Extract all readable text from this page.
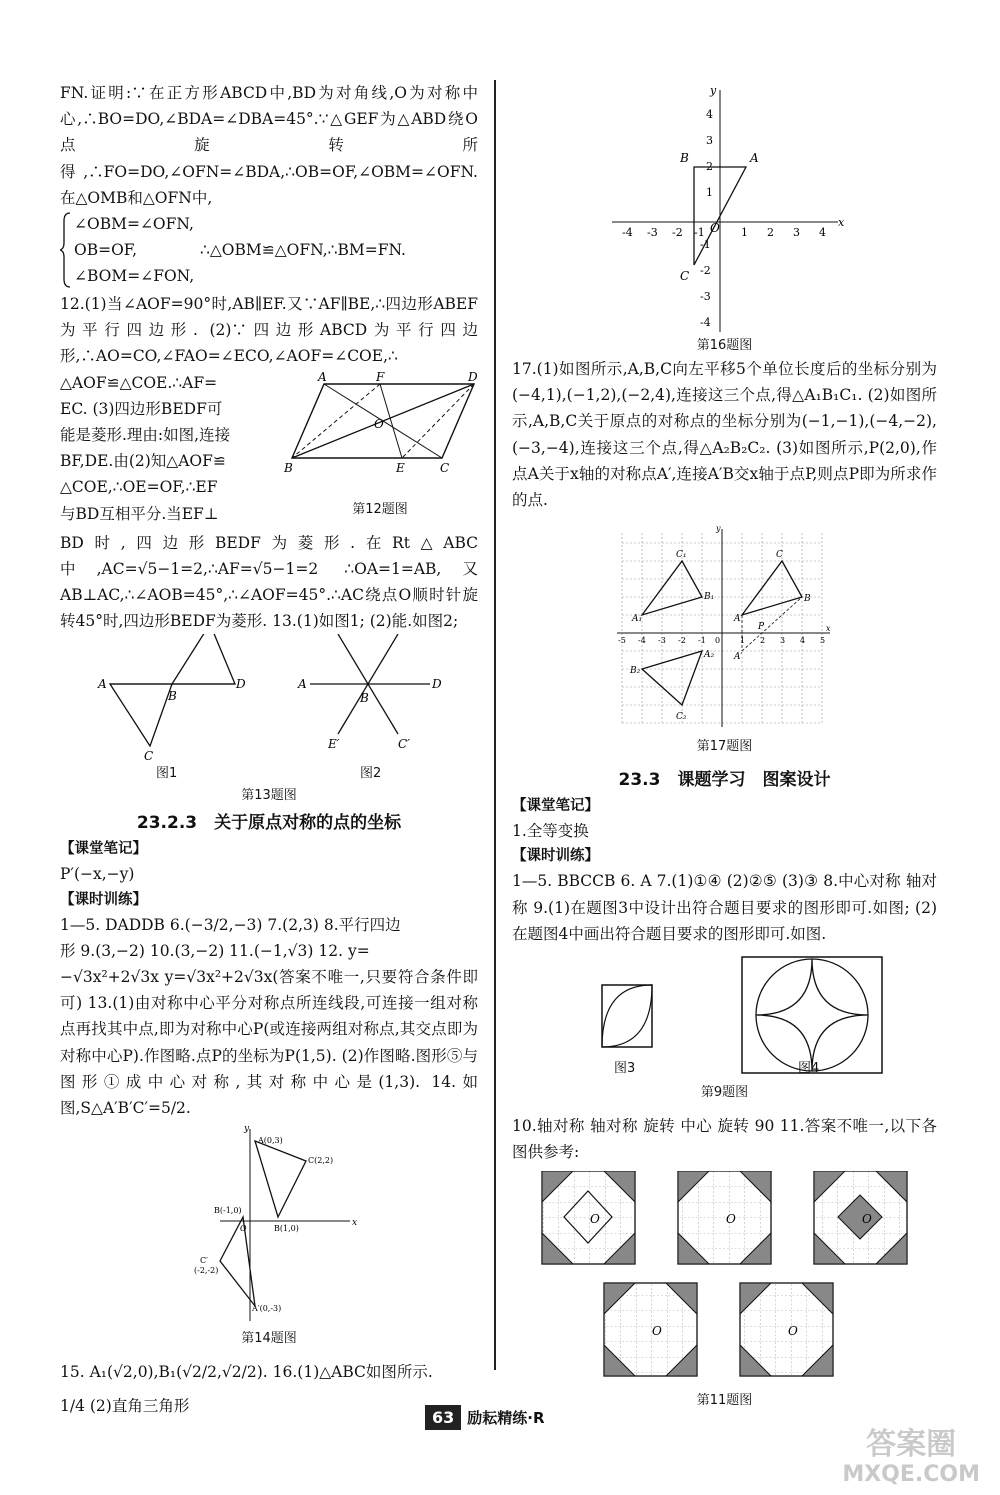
FN.证明:∵在正方形ABCD中,BD为对角线,O为对称中心,∴BO=DO,∠BDA=∠DBA=45°.∵△GEF为△ABD绕O点旋转所得,∴FO=DO,∠OFN=∠BDA,∴OB=OF,∠OBM=∠OFN.在△OMB和△OFN中,

∠OBM=∠OFN,
OB=OF,	∴△OBM≌△OFN,∴BM=FN.
∠BOM=∠FON,

12.(1)当∠AOF=90°时,AB∥EF.又∵AF∥BE,∴四边形ABEF为平行四边形. (2)∵四边形ABCD为平行四边形,∴AO=CO,∠FAO=∠ECO,∠AOF=∠COE,∴

△AOF≌△COE.∴AF=
EC. (3)四边形BEDF可
能是菱形.理由:如图,连接
BF,DE.由(2)知△AOF≌
△COE,∴OE=OF,∴EF
与BD互相平分.当EF⊥
A	F	D
B	E	C
O
第12题图

BD时,四边形BEDF为菱形.在Rt△ABC中,AC=√5−1=2,∴AF=√5−1=2 ∴OA=1=AB,又AB⊥AC,∴∠AOB=45°,∴∠AOF=45°.∴AC绕点O顺时针旋转45°时,四边形BEDF为菱形. 13.(1)如图1; (2)能.如图2;

A	D
B
C
A	D
B
E′	C′
图1	图2
第13题图
23.2.3　关于原点对称的点的坐标
【课堂笔记】
P′(−x,−y)
【课时训练】

1—5. DADDB 6.(−3/2,−3) 7.(2,3) 8.平行四边

形 9.(3,−2) 10.(3,−2) 11.(−1,√3) 12. y=

−√3x²+2√3x y=√3x²+2√3x(答案不唯一,只要符合条件即可) 13.(1)由对称中心平分对称点所连线段,可连接一组对称点再找其中点,即为对称中心P(或连接两组对称点,其交点即为对称中心P).作图略.点P的坐标为P(1,5). (2)作图略.图形⑤与图形①成中心对称,其对称中心是(1,3). 14.如图,S△A′B′C′=5/2.

x
y
A(0,3)
C(2,2)
B(-1,0)
O	B(1,0)
C′
(-2,-2)
A′(0,-3)
第14题图

15. A₁(√2,0),B₁(√2/2,√2/2). 16.(1)△ABC如图所示.

1/4 (2)直角三角形

x
y
-4 -3 -2 -1	1 2 3 4
4
3
2
1
-1
-2
-3
-4
B	A
C
O
第16题图

17.(1)如图所示,A,B,C向左平移5个单位长度后的坐标分别为(−4,1),(−1,2),(−2,4),连接这三个点,得△A₁B₁C₁. (2)如图所示,A,B,C关于原点的对称点的坐标分别为(−1,−1),(−4,−2),(−3,−4),连接这三个点,得△A₂B₂C₂. (3)如图所示,P(2,0),作点A关于x轴的对称点A′,连接A′B交x轴于点P,则点P即为所求作的点.

-5 -4 -3 -2 -1 0 1 2 3 4 5
x
y
A₁
C₁
B₁
A
C
B
P
A′
B₂
A₂
C₂
第17题图
23.3　课题学习　图案设计
【课堂笔记】
1.全等变换
【课时训练】

1—5. BBCCB 6. A 7.(1)①④ (2)②⑤ (3)③ 8.中心对称 轴对称 9.(1)在题图3中设计出符合题目要求的图形即可.如图; (2)在题图4中画出符合题目要求的图形即可.如图.

图3	图4
第9题图

10.轴对称 轴对称 旋转 中心 旋转 90 11.答案不唯一,以下各图供参考:

O	O	O
O	O
第11题图
63 励耘精练·R
答案圈
MXQE.COM
